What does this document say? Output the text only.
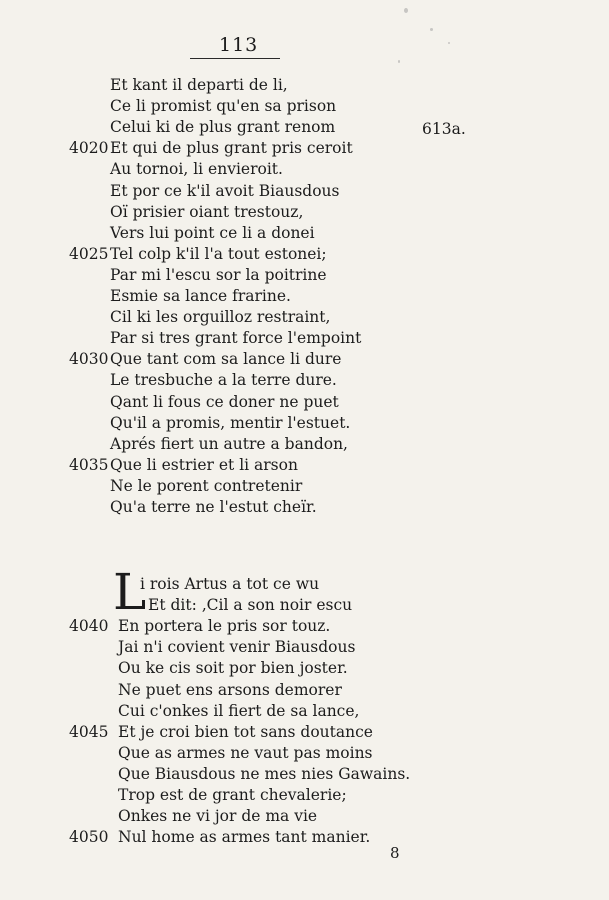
113
613a.
L
8
Et kant il departi de li,
Ce li promist qu'en sa prison
Celui ki de plus grant renom
Et qui de plus grant pris ceroit
4020
Au tornoi, li envieroit.
Et por ce k'il avoit Biausdous
Oï prisier oiant trestouz,
Vers lui point ce li a donei
Tel colp k'il l'a tout estonei;
4025
Par mi l'escu sor la poitrine
Esmie sa lance frarine.
Cil ki les orguilloz restraint,
Par si tres grant force l'empoint
Que tant com sa lance li dure
4030
Le tresbuche a la terre dure.
Qant li fous ce doner ne puet
Qu'il a promis, mentir l'estuet.
Aprés fiert un autre a bandon,
Que li estrier et li arson
4035
Ne le porent contretenir
Qu'a terre ne l'estut cheïr.
i rois Artus a tot ce wu
Et dit: ‚Cil a son noir escu
En portera le pris sor touz.
4040
Jai n'i covient venir Biausdous
Ou ke cis soit por bien joster.
Ne puet ens arsons demorer
Cui c'onkes il fiert de sa lance,
Et je croi bien tot sans doutance
4045
Que as armes ne vaut pas moins
Que Biausdous ne mes nies Gawains.
Trop est de grant chevalerie;
Onkes ne vi jor de ma vie
Nul home as armes tant manier.
4050
